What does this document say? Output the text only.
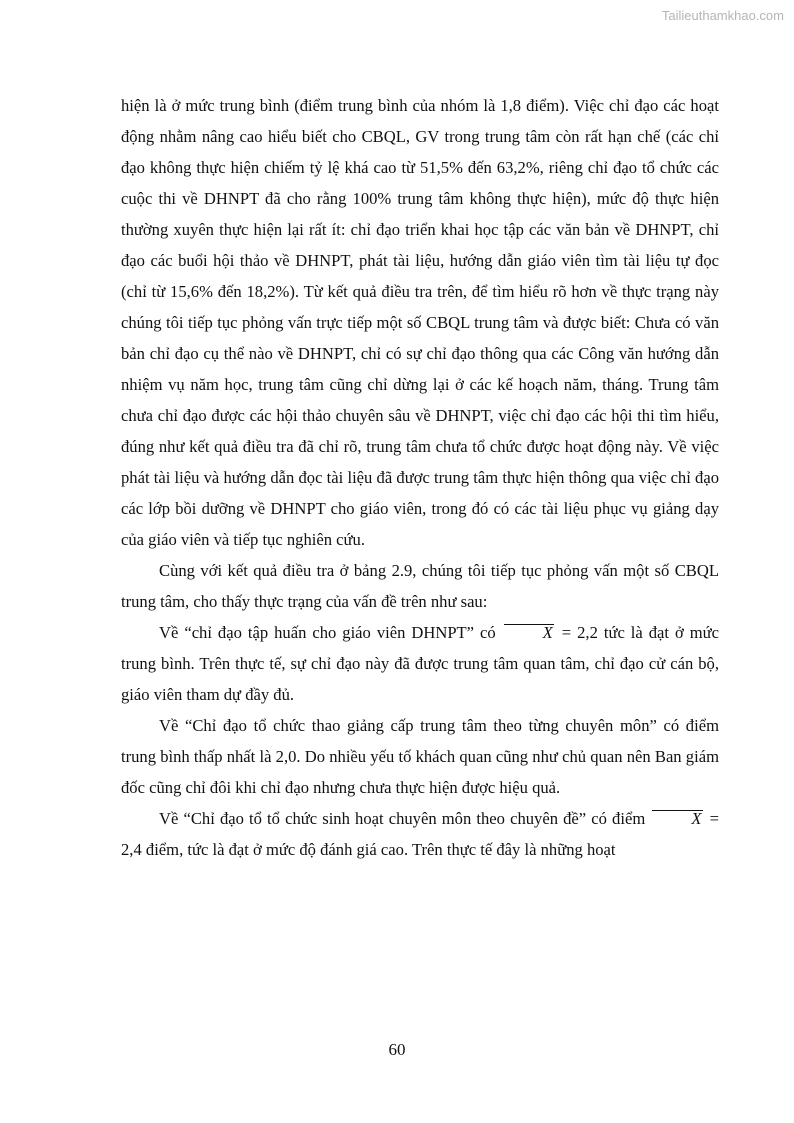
Tailieuthamkhao.com

hiện là ở mức trung bình (điểm trung bình của nhóm là 1,8 điểm). Việc chỉ đạo các hoạt động nhằm nâng cao hiểu biết cho CBQL, GV trong trung tâm còn rất hạn chế (các chỉ đạo không thực hiện chiếm tỷ lệ khá cao từ 51,5% đến 63,2%, riêng chỉ đạo tổ chức các cuộc thi về DHNPT đã cho rằng 100% trung tâm không thực hiện), mức độ thực hiện thường xuyên thực hiện lại rất ít: chỉ đạo triển khai học tập các văn bản về DHNPT, chỉ đạo các buổi hội thảo về DHNPT, phát tài liệu, hướng dẫn giáo viên tìm tài liệu tự đọc (chỉ từ 15,6% đến 18,2%). Từ kết quả điều tra trên, để tìm hiểu rõ hơn về thực trạng này chúng tôi tiếp tục phỏng vấn trực tiếp một số CBQL trung tâm và được biết: Chưa có văn bản chỉ đạo cụ thể nào về DHNPT, chỉ có sự chỉ đạo thông qua các Công văn hướng dẫn nhiệm vụ năm học, trung tâm cũng chỉ dừng lại ở các kế hoạch năm, tháng. Trung tâm chưa chỉ đạo được các hội thảo chuyên sâu về DHNPT, việc chỉ đạo các hội thi tìm hiểu, đúng như kết quả điều tra đã chỉ rõ, trung tâm chưa tổ chức được hoạt động này. Về việc phát tài liệu và hướng dẫn đọc tài liệu đã được trung tâm thực hiện thông qua việc chỉ đạo các lớp bồi dưỡng về DHNPT cho giáo viên, trong đó có các tài liệu phục vụ giảng dạy của giáo viên và tiếp tục nghiên cứu.

Cùng với kết quả điều tra ở bảng 2.9, chúng tôi tiếp tục phỏng vấn một số CBQL trung tâm, cho thấy thực trạng của vấn đề trên như sau:

Về “chỉ đạo tập huấn cho giáo viên DHNPT” có X = 2,2 tức là đạt ở mức trung bình. Trên thực tế, sự chỉ đạo này đã được trung tâm quan tâm, chỉ đạo cử cán bộ, giáo viên tham dự đầy đủ.

Về “Chỉ đạo tổ chức thao giảng cấp trung tâm theo từng chuyên môn” có điểm trung bình thấp nhất là 2,0. Do nhiều yếu tố khách quan cũng như chủ quan nên Ban giám đốc cũng chỉ đôi khi chỉ đạo nhưng chưa thực hiện được hiệu quả.

Về “Chỉ đạo tổ tổ chức sinh hoạt chuyên môn theo chuyên đề” có điểm X = 2,4 điểm, tức là đạt ở mức độ đánh giá cao. Trên thực tế đây là những hoạt

60
